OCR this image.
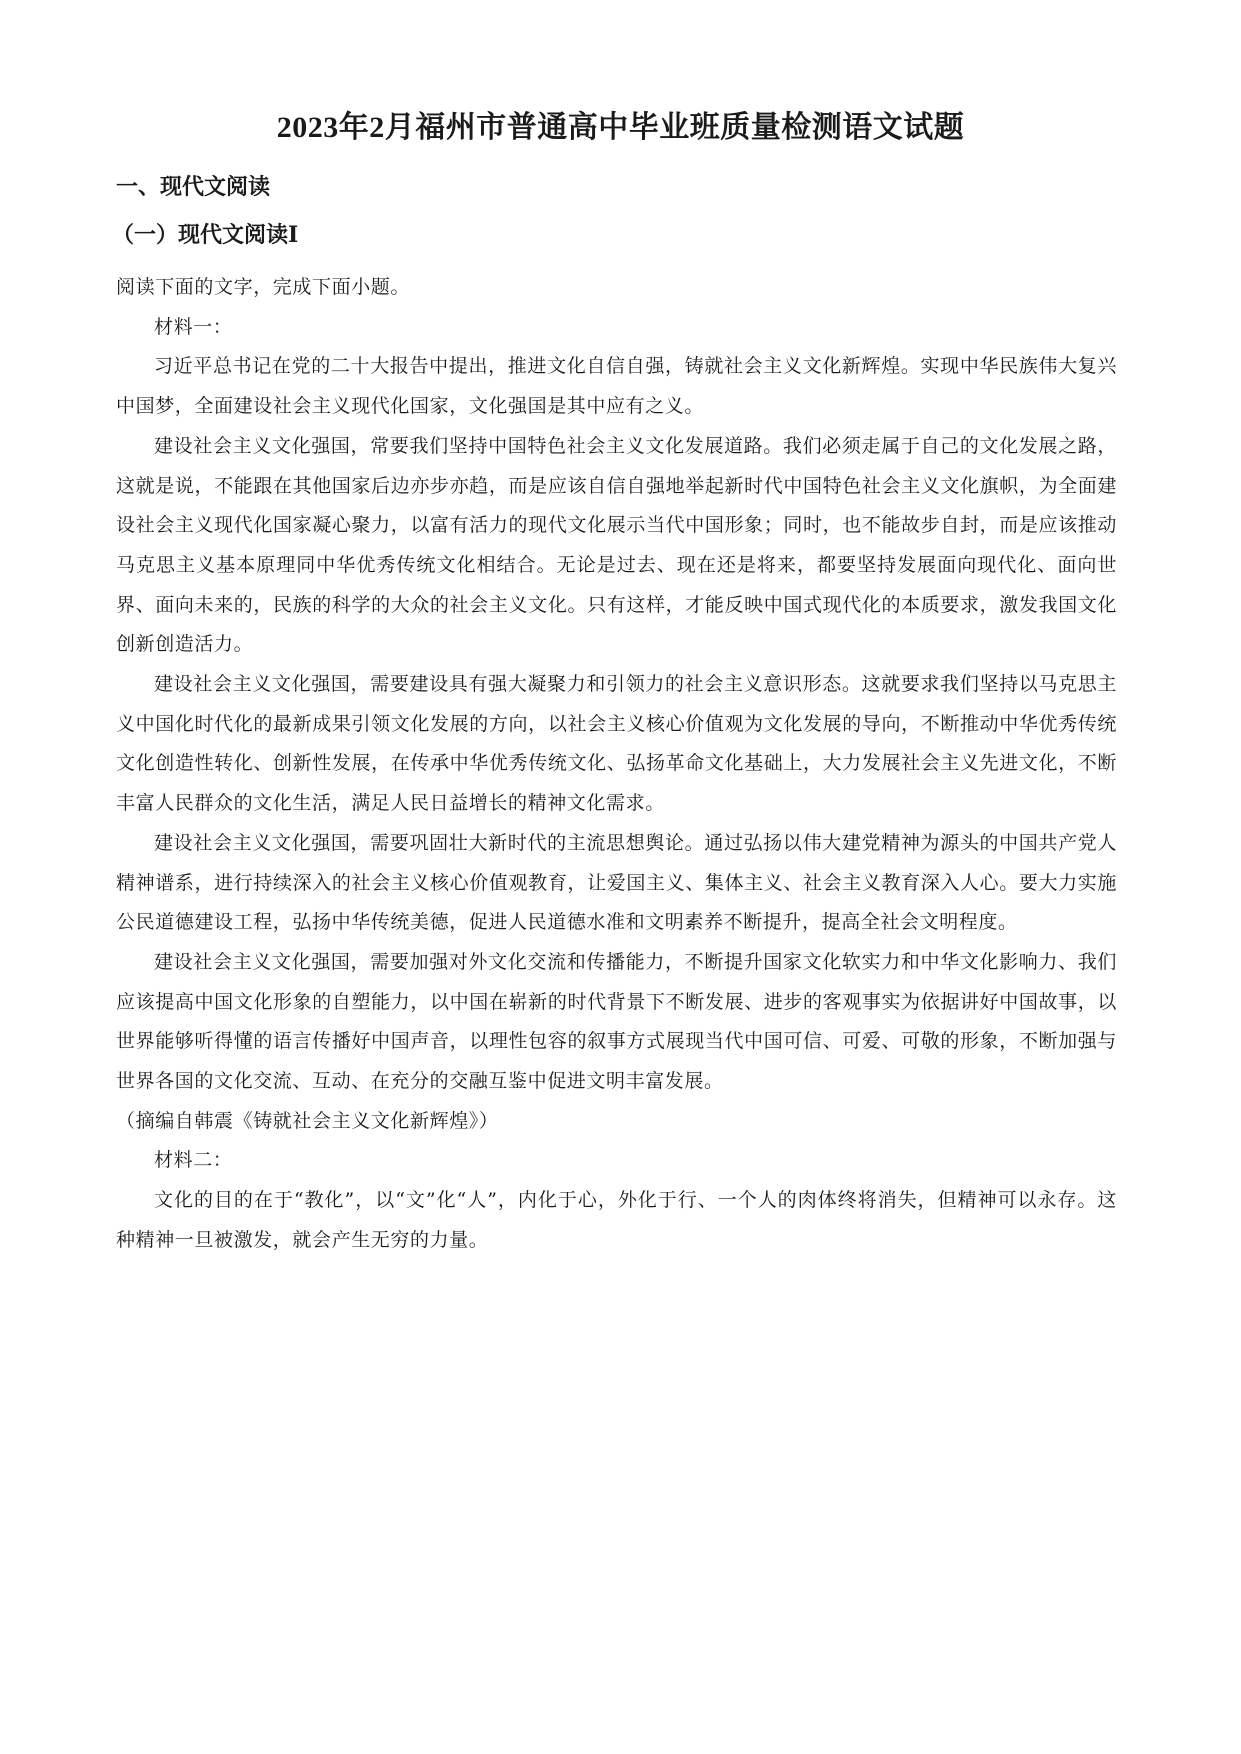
2023年2月福州市普通高中毕业班质量检测语文试题
一、现代文阅读
（一）现代文阅读Ⅰ

阅读下面的文字，完成下面小题。

材料一：

习近平总书记在党的二十大报告中提出，推进文化自信自强，铸就社会主义文化新辉煌。实现中华民族伟大复兴中国梦，全面建设社会主义现代化国家，文化强国是其中应有之义。

建设社会主义文化强国，常要我们坚持中国特色社会主义文化发展道路。我们必须走属于自己的文化发展之路，这就是说，不能跟在其他国家后边亦步亦趋，而是应该自信自强地举起新时代中国特色社会主义文化旗帜，为全面建设社会主义现代化国家凝心聚力，以富有活力的现代文化展示当代中国形象；同时，也不能故步自封，而是应该推动马克思主义基本原理同中华优秀传统文化相结合。无论是过去、现在还是将来，都要坚持发展面向现代化、面向世界、面向未来的，民族的科学的大众的社会主义文化。只有这样，才能反映中国式现代化的本质要求，激发我国文化创新创造活力。

建设社会主义文化强国，需要建设具有强大凝聚力和引领力的社会主义意识形态。这就要求我们坚持以马克思主义中国化时代化的最新成果引领文化发展的方向，以社会主义核心价值观为文化发展的导向，不断推动中华优秀传统文化创造性转化、创新性发展，在传承中华优秀传统文化、弘扬革命文化基础上，大力发展社会主义先进文化，不断丰富人民群众的文化生活，满足人民日益增长的精神文化需求。

建设社会主义文化强国，需要巩固壮大新时代的主流思想舆论。通过弘扬以伟大建党精神为源头的中国共产党人精神谱系，进行持续深入的社会主义核心价值观教育，让爱国主义、集体主义、社会主义教育深入人心。要大力实施公民道德建设工程，弘扬中华传统美德，促进人民道德水准和文明素养不断提升，提高全社会文明程度。

建设社会主义文化强国，需要加强对外文化交流和传播能力，不断提升国家文化软实力和中华文化影响力、我们应该提高中国文化形象的自塑能力，以中国在崭新的时代背景下不断发展、进步的客观事实为依据讲好中国故事，以世界能够听得懂的语言传播好中国声音，以理性包容的叙事方式展现当代中国可信、可爱、可敬的形象，不断加强与世界各国的文化交流、互动、在充分的交融互鉴中促进文明丰富发展。

（摘编自韩震《铸就社会主义文化新辉煌》）

材料二：

文化的目的在于“教化”，以“文”化“人”，内化于心，外化于行、一个人的肉体终将消失，但精神可以永存。这种精神一旦被激发，就会产生无穷的力量。
